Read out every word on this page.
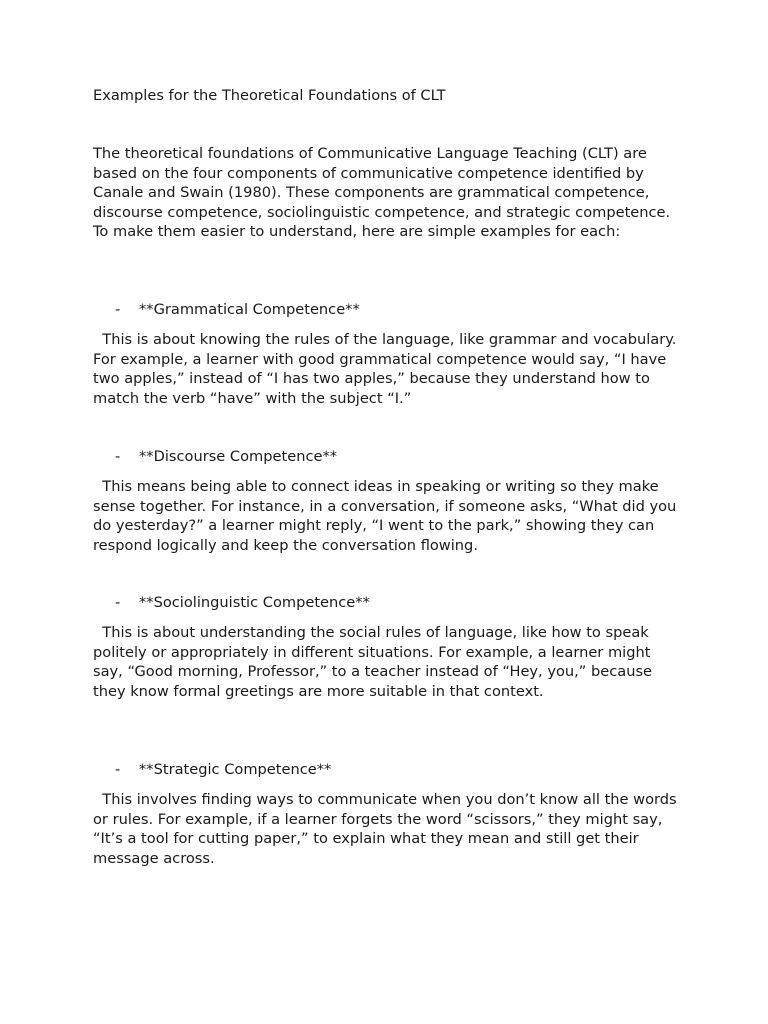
Examples for the Theoretical Foundations of CLT

The theoretical foundations of Communicative Language Teaching (CLT) are based on the four components of communicative competence identified by Canale and Swain (1980). These components are grammatical competence, discourse competence, sociolinguistic competence, and strategic competence. To make them easier to understand, here are simple examples for each:

- **Grammatical Competence**

This is about knowing the rules of the language, like grammar and vocabulary. For example, a learner with good grammatical competence would say, “I have two apples,” instead of “I has two apples,” because they understand how to match the verb “have” with the subject “I.”

- **Discourse Competence**

This means being able to connect ideas in speaking or writing so they make sense together. For instance, in a conversation, if someone asks, “What did you do yesterday?” a learner might reply, “I went to the park,” showing they can respond logically and keep the conversation flowing.

- **Sociolinguistic Competence**

This is about understanding the social rules of language, like how to speak politely or appropriately in different situations. For example, a learner might say, “Good morning, Professor,” to a teacher instead of “Hey, you,” because they know formal greetings are more suitable in that context.

- **Strategic Competence**

This involves finding ways to communicate when you don’t know all the words or rules. For example, if a learner forgets the word “scissors,” they might say, “It’s a tool for cutting paper,” to explain what they mean and still get their message across.
